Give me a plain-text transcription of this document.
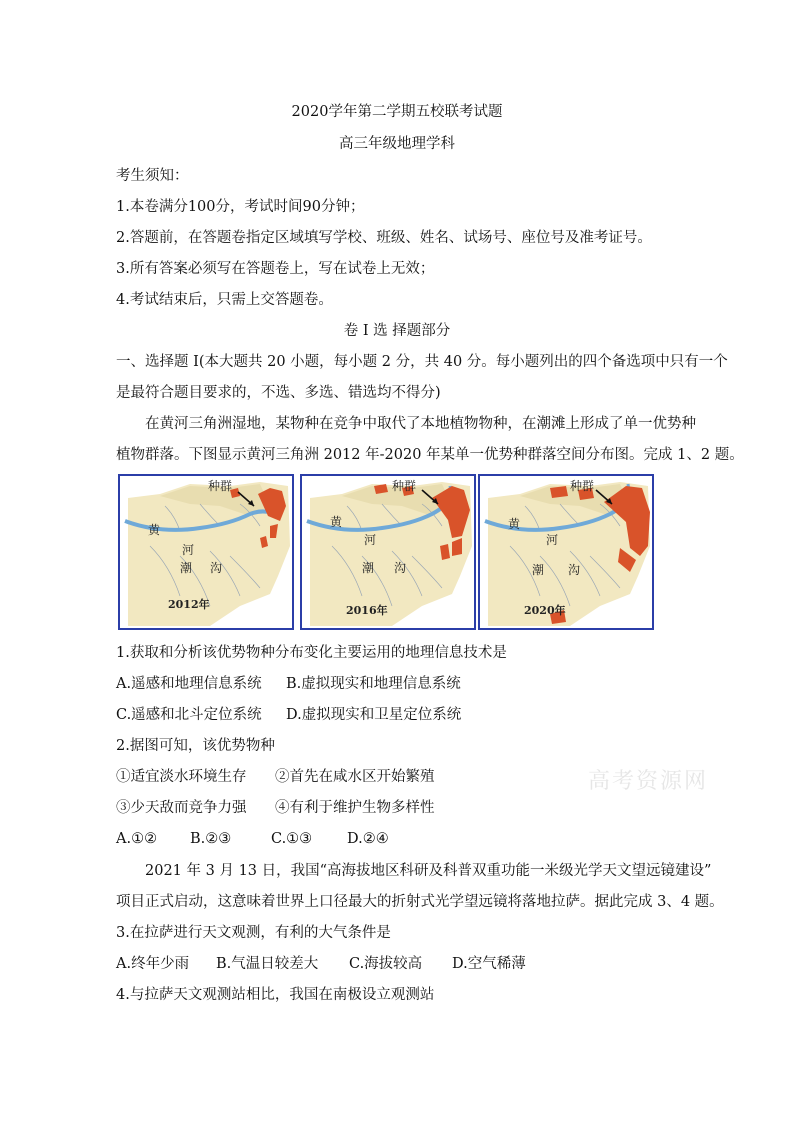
2020学年第二学期五校联考试题
高三年级地理学科
考生须知：
1.本卷满分100分，考试时间90分钟；
2.答题前，在答题卷指定区域填写学校、班级、姓名、试场号、座位号及准考证号。
3.所有答案必须写在答题卷上，写在试卷上无效；
4.考试结束后，只需上交答题卷。
卷 I 选 择题部分
一、选择题 I(本大题共 20 小题，每小题 2 分，共 40 分。每小题列出的四个备选项中只有一个
是最符合题目要求的，不选、多选、错选均不得分)
在黄河三角洲湿地，某物种在竞争中取代了本地植物物种，在潮滩上形成了单一优势种
植物群落。下图显示黄河三角洲 2012 年-2020 年某单一优势种群落空间分布图。完成 1、2 题。
种群
黄
河
潮 沟
2012年
种群
黄
河
潮 沟
2016年
种群
黄
河
潮 沟
2020年
1.获取和分析该优势物种分布变化主要运用的地理信息技术是
A.遥感和地理信息系统 B.虚拟现实和地理信息系统
C.遥感和北斗定位系统 D.虚拟现实和卫星定位系统
2.据图可知，该优势物种
①适宜淡水环境生存 ②首先在咸水区开始繁殖
③少天敌而竞争力强 ④有利于维护生物多样性
A.①② B.②③	C.①③ D.②④
高考资源网
2021 年 3 月 13 日，我国“高海拔地区科研及科普双重功能一米级光学天文望远镜建设”
项目正式启动，这意味着世界上口径最大的折射式光学望远镜将落地拉萨。据此完成 3、4 题。
3.在拉萨进行天文观测，有利的大气条件是
A.终年少雨 B.气温日较差大 C.海拔较高 D.空气稀薄
4.与拉萨天文观测站相比，我国在南极设立观测站
